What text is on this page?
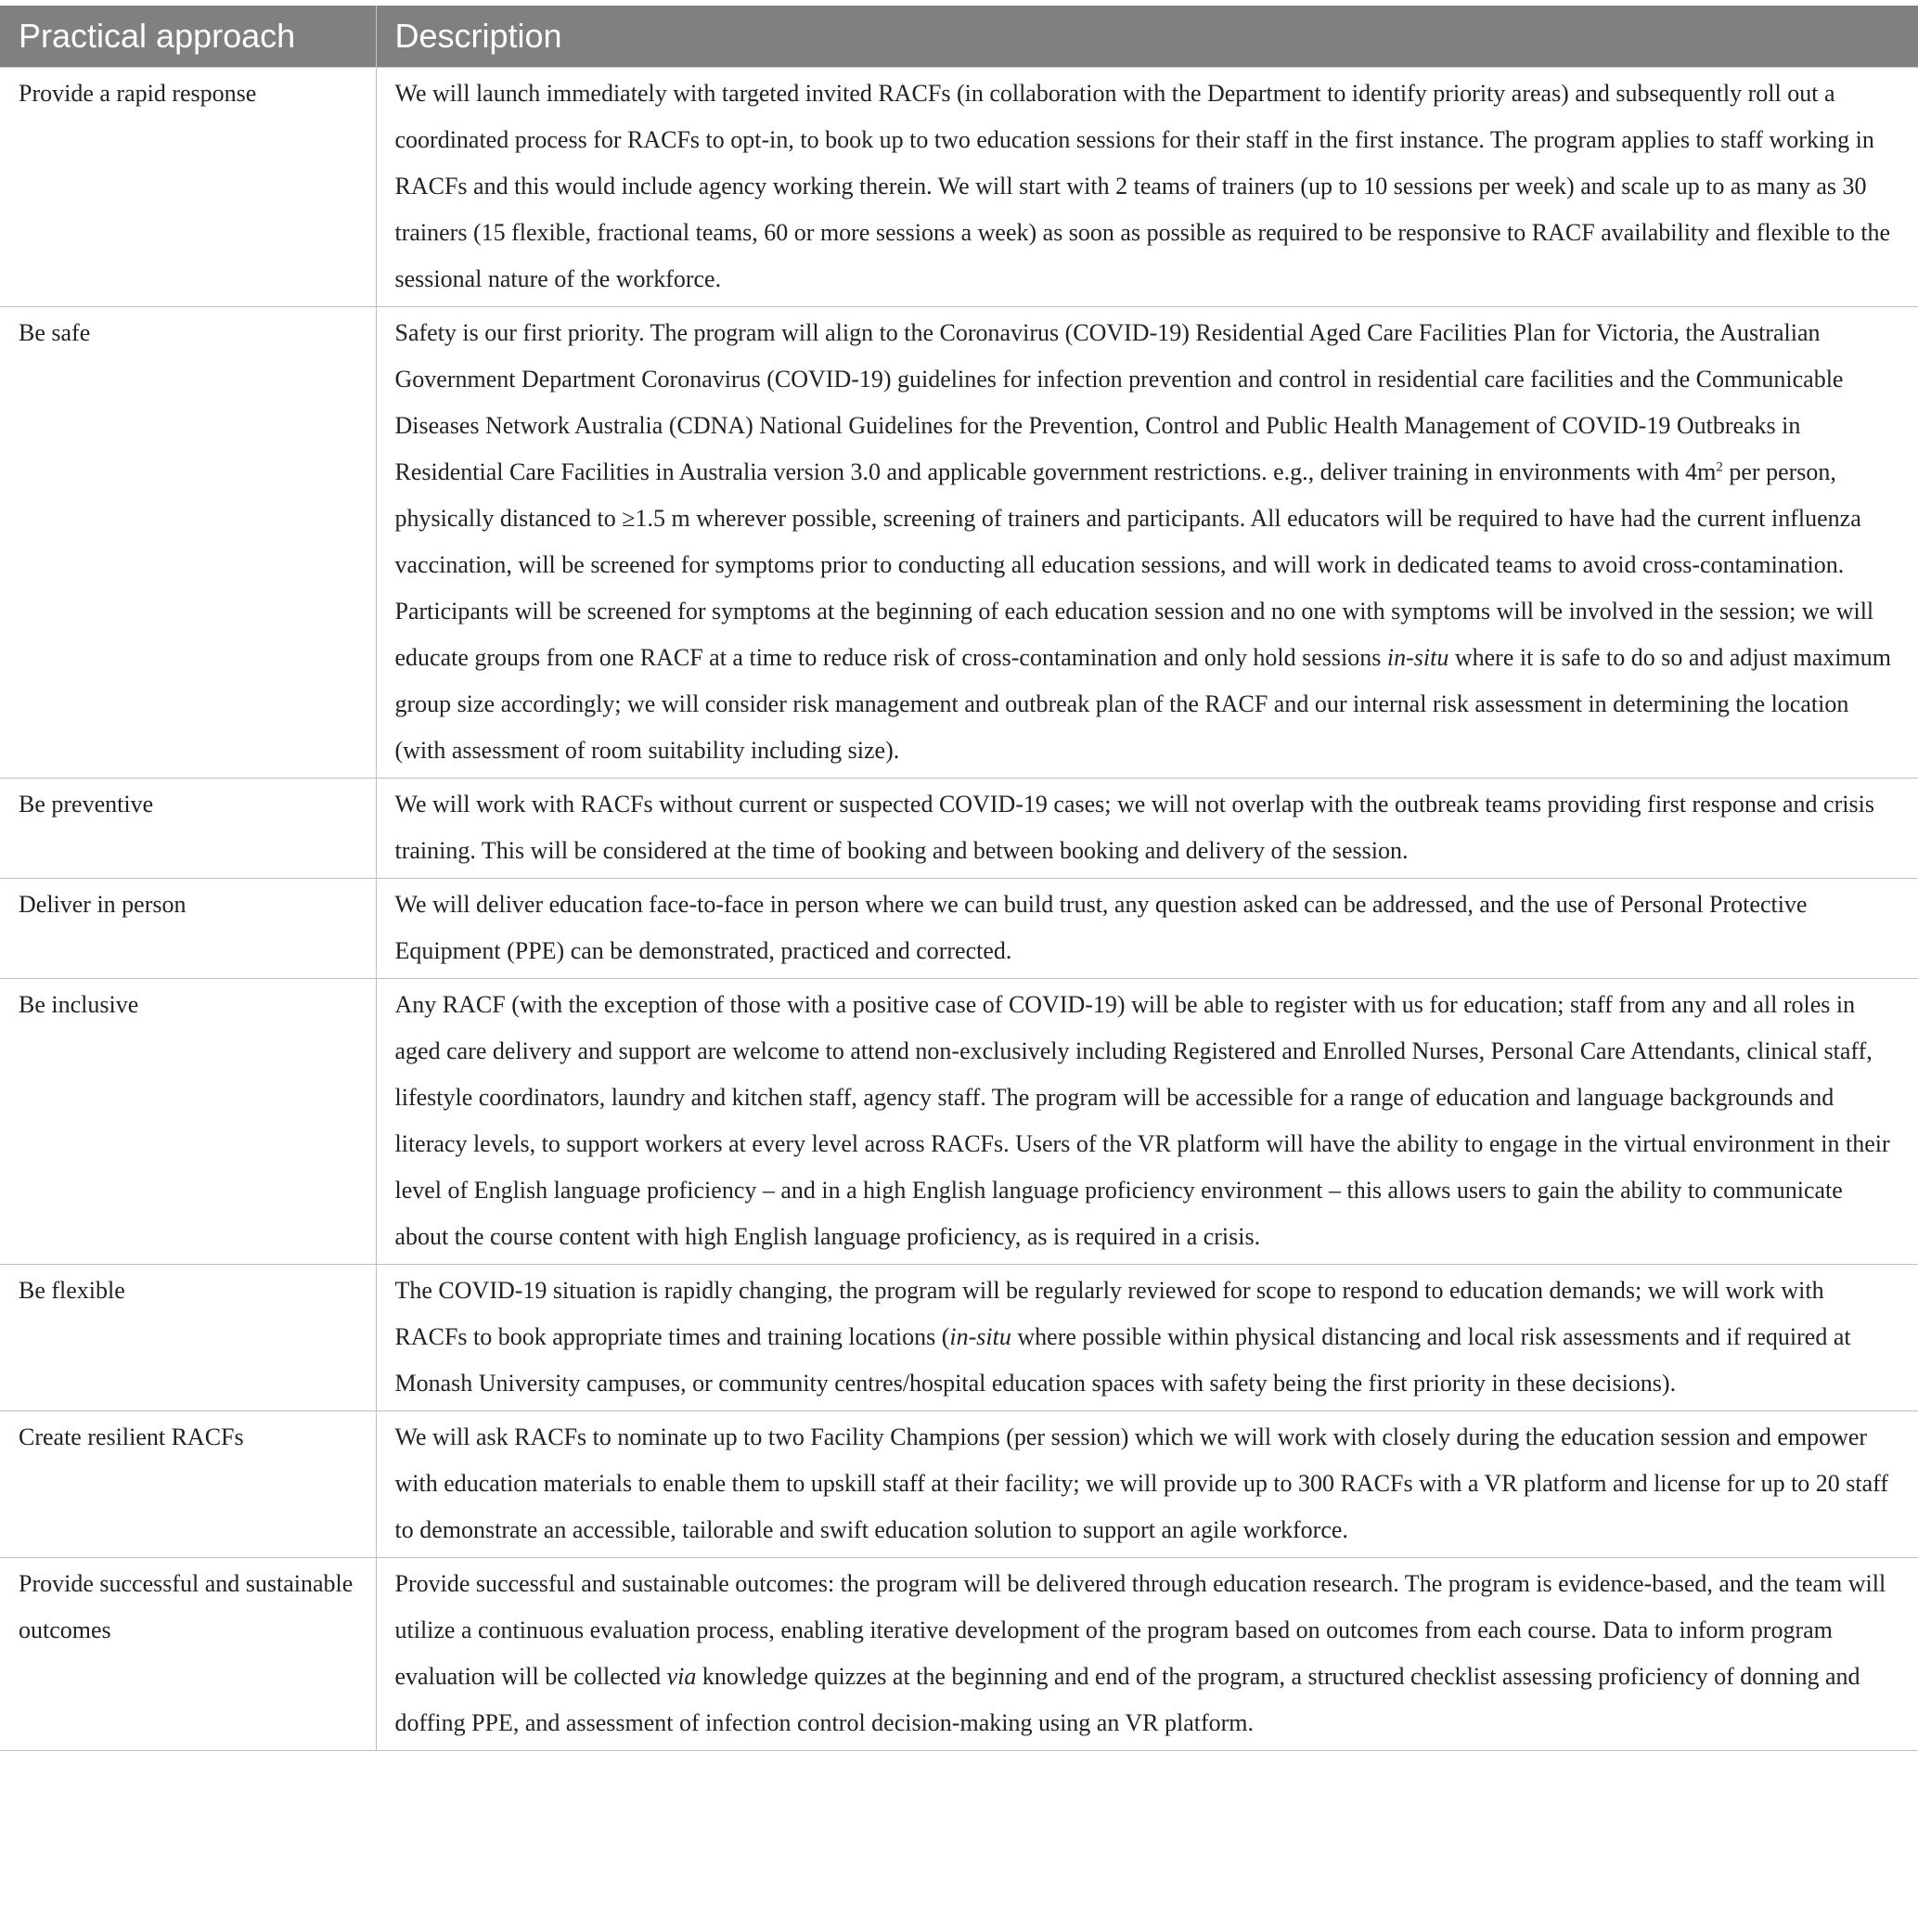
Practical approach	Description
Provide a rapid response	We will launch immediately with targeted invited RACFs (in collaboration with the Department to identify priority areas) and subsequently roll out a coordinated process for RACFs to opt-in, to book up to two education sessions for their staff in the first instance. The program applies to staff working in RACFs and this would include agency working therein. We will start with 2 teams of trainers (up to 10 sessions per week) and scale up to as many as 30 trainers (15 flexible, fractional teams, 60 or more sessions a week) as soon as possible as required to be responsive to RACF availability and flexible to the sessional nature of the workforce.
Be safe	Safety is our first priority. The program will align to the Coronavirus (COVID-19) Residential Aged Care Facilities Plan for Victoria, the Australian Government Department Coronavirus (COVID-19) guidelines for infection prevention and control in residential care facilities and the Communicable Diseases Network Australia (CDNA) National Guidelines for the Prevention, Control and Public Health Management of COVID-19 Outbreaks in Residential Care Facilities in Australia version 3.0 and applicable government restrictions. e.g., deliver training in environments with $4m^2$ per person, physically distanced to ≥1.5 m wherever possible, screening of trainers and participants. All educators will be required to have had the current influenza vaccination, will be screened for symptoms prior to conducting all education sessions, and will work in dedicated teams to avoid cross-contamination. Participants will be screened for symptoms at the beginning of each education session and no one with symptoms will be involved in the session; we will educate groups from one RACF at a time to reduce risk of cross-contamination and only hold sessions in-situ where it is safe to do so and adjust maximum group size accordingly; we will consider risk management and outbreak plan of the RACF and our internal risk assessment in determining the location (with assessment of room suitability including size).
Be preventive	We will work with RACFs without current or suspected COVID-19 cases; we will not overlap with the outbreak teams providing first response and crisis training. This will be considered at the time of booking and between booking and delivery of the session.
Deliver in person	We will deliver education face-to-face in person where we can build trust, any question asked can be addressed, and the use of Personal Protective Equipment (PPE) can be demonstrated, practiced and corrected.
Be inclusive	Any RACF (with the exception of those with a positive case of COVID-19) will be able to register with us for education; staff from any and all roles in aged care delivery and support are welcome to attend non-exclusively including Registered and Enrolled Nurses, Personal Care Attendants, clinical staff, lifestyle coordinators, laundry and kitchen staff, agency staff. The program will be accessible for a range of education and language backgrounds and literacy levels, to support workers at every level across RACFs. Users of the VR platform will have the ability to engage in the virtual environment in their level of English language proficiency – and in a high English language proficiency environment – this allows users to gain the ability to communicate about the course content with high English language proficiency, as is required in a crisis.
Be flexible	The COVID-19 situation is rapidly changing, the program will be regularly reviewed for scope to respond to education demands; we will work with RACFs to book appropriate times and training locations (in-situ where possible within physical distancing and local risk assessments and if required at Monash University campuses, or community centres/hospital education spaces with safety being the first priority in these decisions).
Create resilient RACFs	We will ask RACFs to nominate up to two Facility Champions (per session) which we will work with closely during the education session and empower with education materials to enable them to upskill staff at their facility; we will provide up to 300 RACFs with a VR platform and license for up to 20 staff to demonstrate an accessible, tailorable and swift education solution to support an agile workforce.
Provide successful and sustainable outcomes	Provide successful and sustainable outcomes: the program will be delivered through education research. The program is evidence-based, and the team will utilize a continuous evaluation process, enabling iterative development of the program based on outcomes from each course. Data to inform program evaluation will be collected via knowledge quizzes at the beginning and end of the program, a structured checklist assessing proficiency of donning and doffing PPE, and assessment of infection control decision-making using an VR platform.
